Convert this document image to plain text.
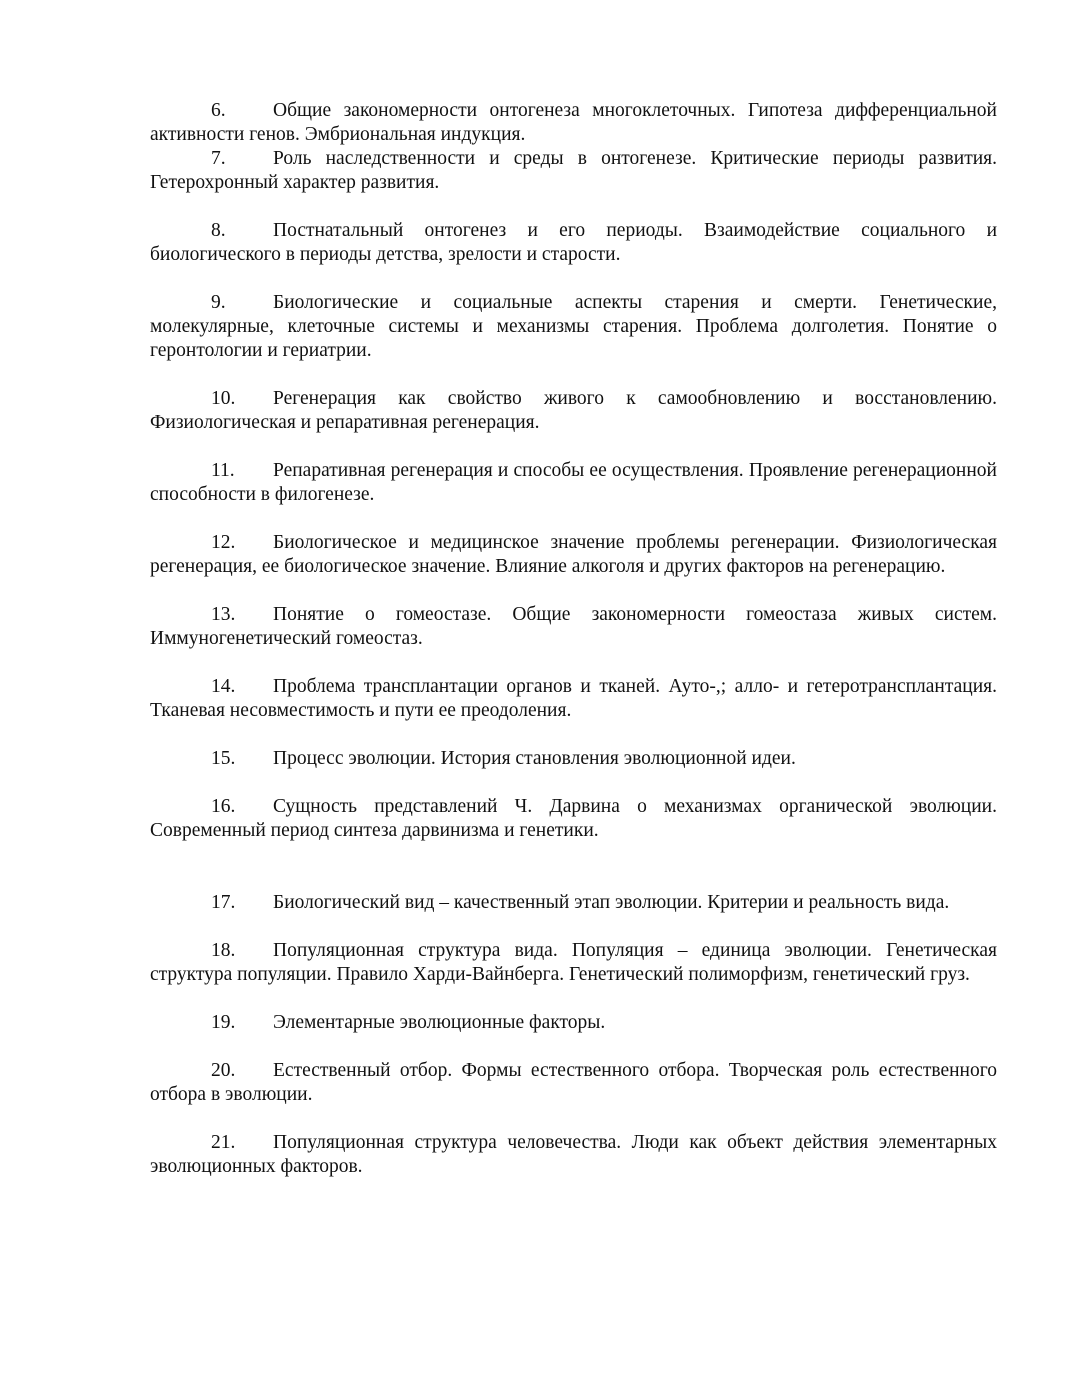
6. Общие закономерности онтогенеза многоклеточных. Гипотеза дифференциальной активности генов. Эмбриональная индукция.
7. Роль наследственности и среды в онтогенезе. Критические периоды развития. Гетерохронный характер развития.
8. Постнатальный онтогенез и его периоды. Взаимодействие социального и биологического в периоды детства, зрелости и старости.
9. Биологические и социальные аспекты старения и смерти. Генетические, молекулярные, клеточные системы и механизмы старения. Проблема долголетия. Понятие о геронтологии и гериатрии.
10. Регенерация как свойство живого к самообновлению и восстановлению. Физиологическая и репаративная регенерация.
11. Репаративная регенерация и способы ее осуществления. Проявление регенерационной способности в филогенезе.
12. Биологическое и медицинское значение проблемы регенерации. Физиологическая регенерация, ее биологическое значение. Влияние алкоголя и других факторов на регенерацию.
13. Понятие о гомеостазе. Общие закономерности гомеостаза живых систем. Иммуногенетический гомеостаз.
14. Проблема трансплантации органов и тканей. Ауто-,; алло- и гетеротрансплантация. Тканевая несовместимость и пути ее преодоления.
15. Процесс эволюции. История становления эволюционной идеи.
16. Сущность представлений Ч. Дарвина о механизмах органической эволюции. Современный период синтеза дарвинизма и генетики.
17. Биологический вид – качественный этап эволюции. Критерии и реальность вида.
18. Популяционная структура вида. Популяция – единица эволюции. Генетическая структура популяции. Правило Харди-Вайнберга. Генетический полиморфизм, генетический груз.
19. Элементарные эволюционные факторы.
20. Естественный отбор. Формы естественного отбора. Творческая роль естественного отбора в эволюции.
21. Популяционная структура человечества. Люди как объект действия элементарных эволюционных факторов.
